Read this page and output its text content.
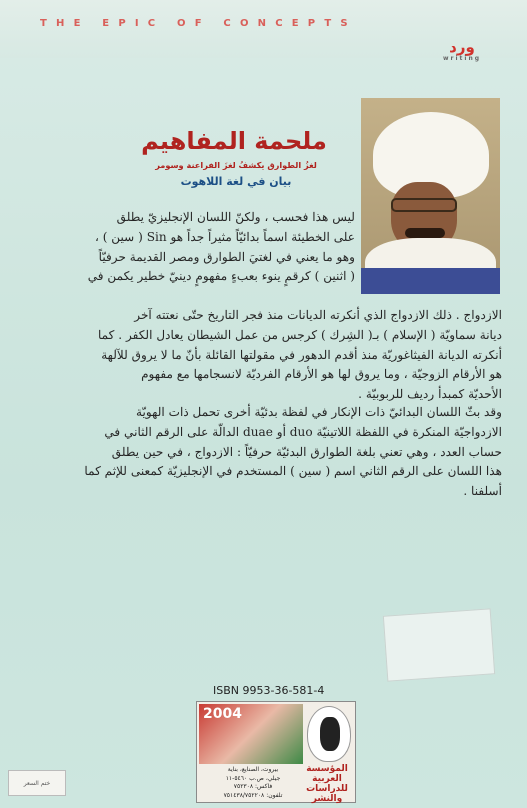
THE EPIC OF CONCEPTS
ورد
writing
ملحمة المفاهيم
لغزُ الطوارق يكشفُ لغزَ الفراعنة وسومر
بيان في لغة اللاهوت
ليس هذا فحسب ، ولكنّ اللسان الإنجليزيّ يطلق
على الخطيئة اسماً بدائيّاً مثيراً جداً هو Sin ( سين ) ،
وهو ما يعني في لغتيَ الطوارق ومصر القديمة حرفيّاً
( اثنين ) كرقمٍ ينوء بعبءٍ مفهومٍ دينيّ خطير يكمن في
الازدواج . ذلك الازدواج الذي أنكرته الديانات منذ فجر التاريخ حتّى نعتته آخر
ديانة سماويّة ( الإسلام ) بـ( الشِرك ) كرجس من عمل الشيطان يعادل الكفر . كما
أنكرته الديانة الفيثاغوريّة منذ أقدم الدهور في مقولتها القائلة بأنّ ما لا يروق للآلهة
هو الأرقام الزوجيّة ، وما يروق لها هو الأرقام الفرديّة لانسجامها مع مفهوم
الأحديّة كمبدأ رديف للربوبيّة .
وقد بثّ اللسان البدائيّ ذات الإنكار في لفظة بدئيّة أخرى تحمل ذات الهويّة
الازدواجيّة المنكرة في اللفظة اللاتينيّة duo أو duae الدالّة على الرقم الثاني في
حساب العدد ، وهي تعني بلغة الطوارق البدئيّة حرفيّاً : الازدواج ، في حين يطلق
هذا اللسان على الرقم الثاني اسم ( سين ) المستخدم في الإنجليزيّة كمعنى للإثم كما
أسلفنا .
ISBN 9953-36-581-4
2004
بيروت، الصنايع، بناية
جيلي، ص.ب ٥٤٦٠-١١
فاكس: ٧٥٢٣٠٨
تلفون: ٧٥١٤٣٨/٧٥٢٢٠٨
المؤسسة العربية للدراسات والنشر
ختم السعر
